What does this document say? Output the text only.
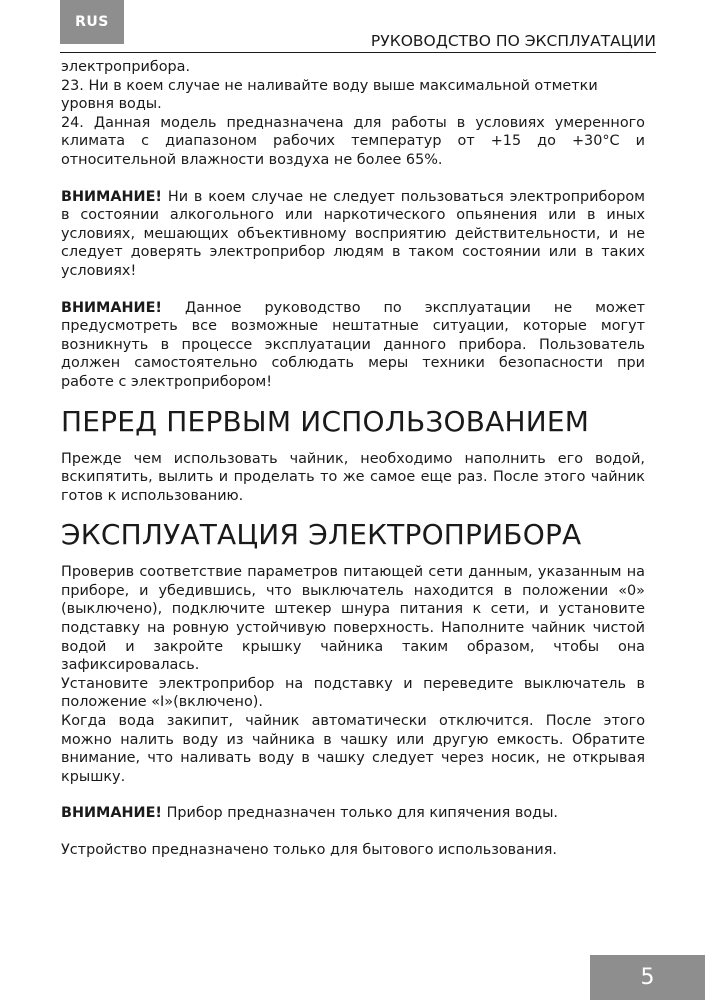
RUS
РУКОВОДСТВО ПО ЭКСПЛУАТАЦИИ

электроприбора.

23. Ни в коем случае не наливайте воду выше максимальной отметки уровня воды.

24. Данная модель предназначена для работы в условиях умеренного климата с диапазоном рабочих температур от +15 до +30°С и относительной влажности воздуха не более 65%.

ВНИМАНИЕ! Ни в коем случае не следует пользоваться электроприбором в состоянии алкогольного или наркотического опьянения или в иных условиях, мешающих объективному восприятию действительности, и не следует доверять электроприбор людям в таком состоянии или в таких условиях!

ВНИМАНИЕ! Данное руководство по эксплуатации не может предусмотреть все возможные нештатные ситуации, которые могут возникнуть в процессе эксплуатации данного прибора. Пользователь должен самостоятельно соблюдать меры техники безопасности при работе с электроприбором!

ПЕРЕД ПЕРВЫМ ИСПОЛЬЗОВАНИЕМ

Прежде чем использовать чайник, необходимо наполнить его водой, вскипятить, вылить и проделать то же самое еще раз. После этого чайник готов к использованию.

ЭКСПЛУАТАЦИЯ ЭЛЕКТРОПРИБОРА

Проверив соответствие параметров питающей сети данным, указанным на приборе, и убедившись, что выключатель находится в положении «0» (выключено), подключите штекер шнура питания к сети, и установите подставку на ровную устойчивую поверхность. Наполните чайник чистой водой и закройте крышку чайника таким образом, чтобы она зафиксировалась.

Установите электроприбор на подставку и переведите выключатель в положение «I»(включено).

Когда вода закипит, чайник автоматически отключится. После этого можно налить воду из чайника в чашку или другую емкость. Обратите внимание, что наливать воду в чашку следует через носик, не открывая крышку.

ВНИМАНИЕ! Прибор предназначен только для кипячения воды.

Устройство предназначено только для бытового использования.

5
